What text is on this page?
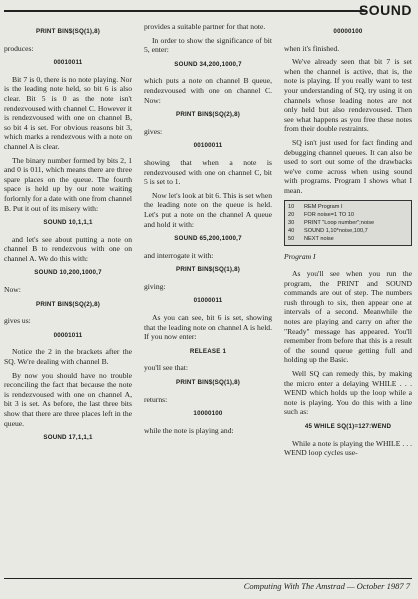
SOUND
PRINT BIN$(SQ(1),8)

produces:

00010011

Bit 7 is 0, there is no note playing. Nor is the leading note held, so bit 6 is also clear. Bit 5 is 0 as the note isn't rendezvoused with channel C. However it is rendezvoused with one on channel B, so bit 4 is set. For obvious reasons bit 3, which marks a rendezvous with a note on channel A is clear.

The binary number formed by bits 2, 1 and 0 is 011, which means there are three spare places on the queue. The fourth space is held up by our note waiting forlornly for a date with one from channel B. Put it out of its misery with:

SOUND 10,1,1,1

and let's see about putting a note on channel B to rendezvous with one on channel A. We do this with:

SOUND 10,200,1000,7

Now:

PRINT BIN$(SQ(2),8)

gives us:

00001011

Notice the 2 in the brackets after the SQ. We're dealing with channel B.

By now you should have no trouble reconciling the fact that because the note is rendezvoused with one on channel A, bit 3 is set. As before, the last three bits show that there are three places left in the queue.

SOUND 17,1,1,1

provides a suitable partner for that note.

In order to show the significance of bit 5, enter:

SOUND 34,200,1000,7

which puts a note on channel B queue, rendezvoused with one on channel C. Now:

PRINT BIN$(SQ(2),8)

gives:

00100011

showing that when a note is rendezvoused with one on channel C, bit 5 is set to 1.

Now let's look at bit 6. This is set when the leading note on the queue is held. Let's put a note on the channel A queue and hold it with:

SOUND 65,200,1000,7

and interrogate it with:

PRINT BIN$(SQ(1),8)

giving:

01000011

As you can see, bit 6 is set, showing that the leading note on channel A is held. If you now enter:

RELEASE 1

you'll see that:

PRINT BIN$(SQ(1),8)

returns:

10000100

while the note is playing and:

00000100

when it's finished.

We've already seen that bit 7 is set when the channel is active, that is, the note is playing. If you really want to test your understanding of SQ, try using it on channels whose leading notes are not only held but also rendezvoused. Then see what happens as you free these notes from their double restraints.

SQ isn't just used for fact finding and debugging channel queues. It can also be used to sort out some of the drawbacks we've come across when using sound with programs. Program I shows what I mean.

10 REM Program I
20 FOR noise=1 TO 10
30 PRINT "Loop number";noise
40 SOUND 1,10*noise,100,7
50 NEXT noise
Program I

As you'll see when you run the program, the PRINT and SOUND commands are out of step. The numbers rush through to six, then appear one at intervals of a second. Meanwhile the notes are playing and carry on after the "Ready" message has appeared. You'll remember from before that this is a result of the sound queue getting full and holding up the Basic.

Well SQ can remedy this, by making the micro enter a delaying WHILE . . . WEND which holds up the loop while a note is playing. You do this with a line such as:

45 WHILE SQ(1)=127:WEND

While a note is playing the WHILE . . . WEND loop cycles use-

Computing With The Amstrad — October 1987 7
